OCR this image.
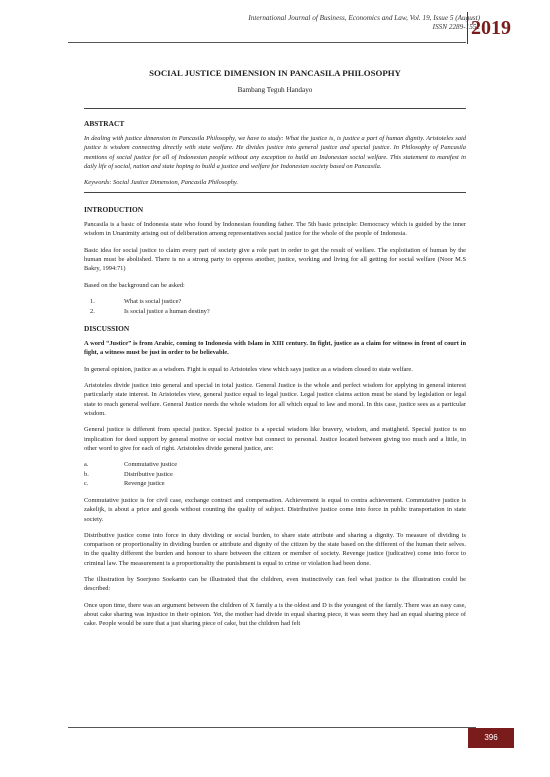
International Journal of Business, Economics and Law, Vol. 19, Issue 5 (August)
ISSN 2289-1552
2019
SOCIAL JUSTICE DIMENSION IN PANCASILA PHILOSOPHY
Bambang Teguh Handayo
ABSTRACT
In dealing with justice dimension in Pancasila Philosophy, we have to study: What the justice is, is justice a part of human dignity. Aristoteles said justice is wisdom connecting directly with state welfare. He divides justice into general justice and special justice. In Philosophy of Pancasila mentions of social justice for all of Indonesian people without any exception to build an Indonesian social welfare. This statement to manifest in daily life of social, nation and state hoping to build a justice and welfare for Indonesian society based on Pancasila.
Keywords: Social Justice Dimension, Pancasila Philosophy.
INTRODUCTION

Pancasila is a basic of Indonesia state who found by Indonesian founding father. The 5th basic principle: Democracy which is guided by the inner wisdom in Unanimity arising out of deliberation among representatives social justice for the whole of the people of Indonesia.

Basic idea for social justice to claim every part of society give a role part in order to get the result of welfare. The exploitation of human by the human must be abolished. There is no a strong party to oppress another, justice, working and living for all getting for social welfare (Noor M.S Bakry, 1994:71)

Based on the background can be asked:

1.	What is social justice?
2.	Is social justice a human destiny?
DISCUSSION

A word “Justice” is from Arabic, coming to Indonesia with Islam in XIII century. In fight, justice as a claim for witness in front of court in fight, a witness must be just in order to be believable.

In general opinion, justice as a wisdom. Fight is equal to Aristoteles view which says justice as a wisdom closed to state welfare.

Aristoteles divide justice into general and special in total justice. General Justice is the whole and perfect wisdom for applying in general interest particularly state interest. In Aristoteles view, general justice equal to legal justice. Legal justice claims action must be stand by legislation or legal state to reach general welfare. General Justice needs the whole wisdom for all which equal to law and moral. In this case, justice sees as a particular wisdom.

General justice is different from special justice. Special justice is a special wisdom like bravery, wisdom, and matigheid. Special justice is no implication for deed support by general motive or social motive but connect to personal. Justice located between giving too much and a little, in other word to give for each of right. Aristoteles divide general justice, are:

a.	Commutative justice
b.	Distributive justice
c.	Revenge justice

Commutative justice is for civil case, exchange contract and compensation. Achievement is equal to contra achievement. Commutative justice is zakelijk, is about a price and goods without counting the quality of subject. Distributive justice come into force in public transportation in state society.

Distributive justice come into force in duty dividing or social burden, to share state attribute and sharing a dignity. To measure of dividing is comparison or proportionality in dividing burden or attribute and dignity of the citizen by the state based on the different of the human their selves. in the quality different the burden and honour to share between the citizen or member of society. Revenge justice (judicative) come into force to criminal law. The measurement is a proportionality the punishment is equal to crime or violation had been done.

The illustration by Soerjono Soekanto can be illustrated that the children, even instinctively can feel what justice is the illustration could be described:

Once upon time, there was an argument between the children of X family a is the oldest and D is the youngest of the family. There was an easy case, about cake sharing was injustice in their opinion. Yet, the mother had divide in equal sharing piece, it was seem they had an equal sharing piece of cake. People would be sure that a just sharing piece of cake, but the children had felt

396
